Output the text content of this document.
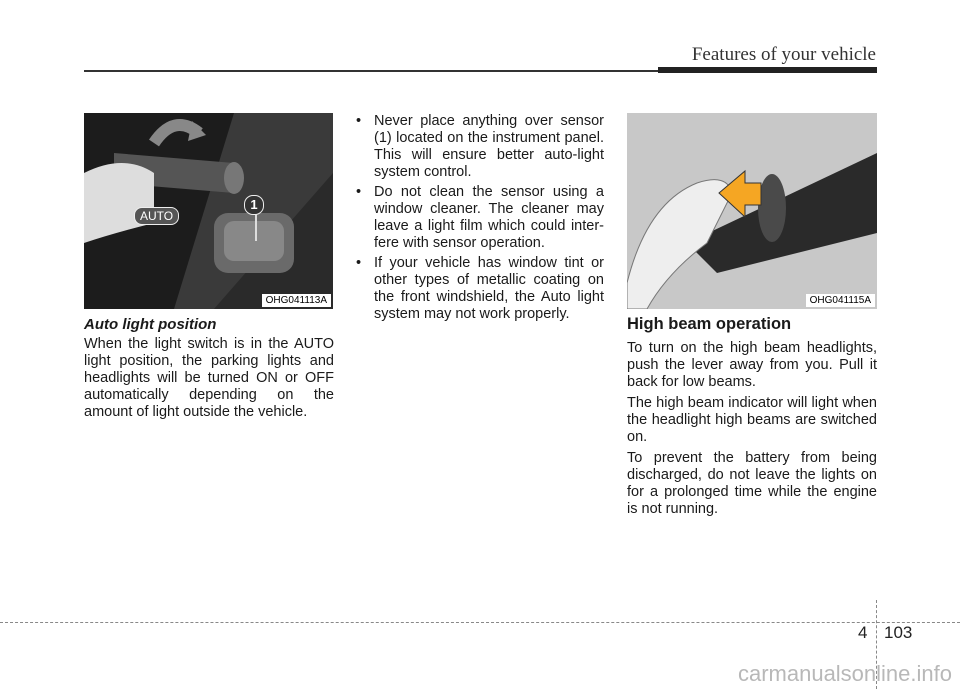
Features of your vehicle
AUTO
1
OHG041113A	OHG041115A
Auto light position

When the light switch is in the AUTO light position, the parking lights and headlights will be turned ON or OFF automatically depending on the amount of light outside the vehicle.

• Never place anything over sensor (1) located on the instrument panel. This will ensure better auto-light system control.
• Do not clean the sensor using a window cleaner. The cleaner may leave a light film which could inter-fere with sensor operation.
• If your vehicle has window tint or other types of metallic coating on the front windshield, the Auto light system may not work properly.
High beam operation

To turn on the high beam headlights, push the lever away from you. Pull it back for low beams.

The high beam indicator will light when the headlight high beams are switched on.

To prevent the battery from being discharged, do not leave the lights on for a prolonged time while the engine is not running.

4 103
carmanualsonline.info
